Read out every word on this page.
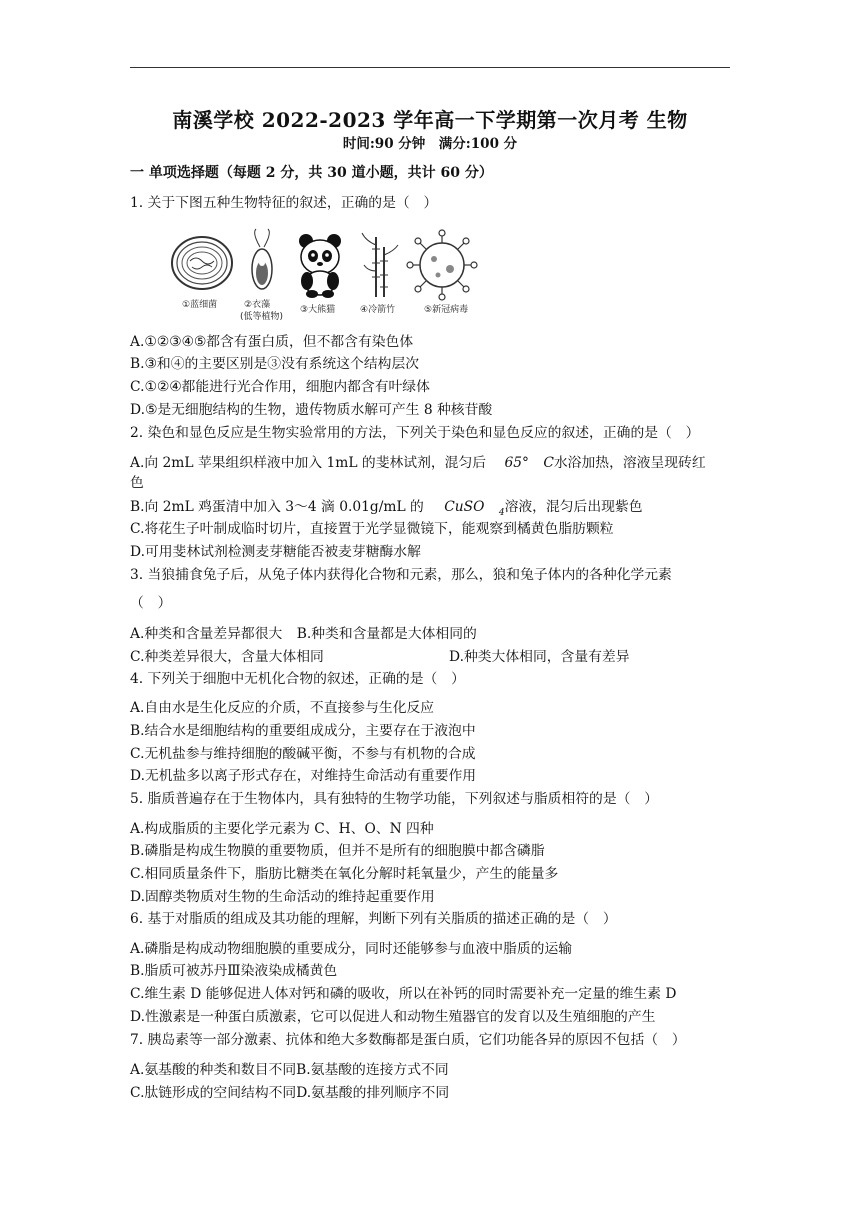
南溪学校 2022-2023 学年高一下学期第一次月考 生物
时间:90 分钟　满分:100 分
一 单项选择题（每题 2 分，共 30 道小题，共计 60 分）
1. 关于下图五种生物特征的叙述，正确的是（　）
①蓝细菌	②衣藻
(低等植物)
③大熊猫	④冷箭竹	⑤新冠病毒
A.①②③④⑤都含有蛋白质，但不都含有染色体
B.③和④的主要区别是③没有系统这个结构层次
C.①②④都能进行光合作用，细胞内都含有叶绿体
D.⑤是无细胞结构的生物，遗传物质水解可产生 8 种核苷酸
2. 染色和显色反应是生物实验常用的方法，下列关于染色和显色反应的叙述，正确的是（　）
A.向 2mL 苹果组织样液中加入 1mL 的斐林试剂，混匀后 65° C水浴加热，溶液呈现砖红
色
B.向 2mL 鸡蛋清中加入 3～4 滴 0.01g/mL 的 CuSO $_4$溶液，混匀后出现紫色
C.将花生子叶制成临时切片，直接置于光学显微镜下，能观察到橘黄色脂肪颗粒
D.可用斐林试剂检测麦芽糖能否被麦芽糖酶水解
3. 当狼捕食兔子后，从兔子体内获得化合物和元素，那么，狼和兔子体内的各种化学元素
（　）
A.种类和含量差异都很大 B.种类和含量都是大体相同的
C.种类差异很大，含量大体相同	D.种类大体相同，含量有差异
4. 下列关于细胞中无机化合物的叙述，正确的是（　）
A.自由水是生化反应的介质，不直接参与生化反应
B.结合水是细胞结构的重要组成成分，主要存在于液泡中
C.无机盐参与维持细胞的酸碱平衡，不参与有机物的合成
D.无机盐多以离子形式存在，对维持生命活动有重要作用
5. 脂质普遍存在于生物体内，具有独特的生物学功能，下列叙述与脂质相符的是（　）
A.构成脂质的主要化学元素为 C、H、O、N 四种
B.磷脂是构成生物膜的重要物质，但并不是所有的细胞膜中都含磷脂
C.相同质量条件下，脂肪比糖类在氧化分解时耗氧量少，产生的能量多
D.固醇类物质对生物的生命活动的维持起重要作用
6. 基于对脂质的组成及其功能的理解，判断下列有关脂质的描述正确的是（　）
A.磷脂是构成动物细胞膜的重要成分，同时还能够参与血液中脂质的运输
B.脂质可被苏丹Ⅲ染液染成橘黄色
C.维生素 D 能够促进人体对钙和磷的吸收，所以在补钙的同时需要补充一定量的维生素 D
D.性激素是一种蛋白质激素，它可以促进人和动物生殖器官的发育以及生殖细胞的产生
7. 胰岛素等一部分激素、抗体和绝大多数酶都是蛋白质，它们功能各异的原因不包括（　）
A.氨基酸的种类和数目不同B.氨基酸的连接方式不同
C.肽链形成的空间结构不同D.氨基酸的排列顺序不同
